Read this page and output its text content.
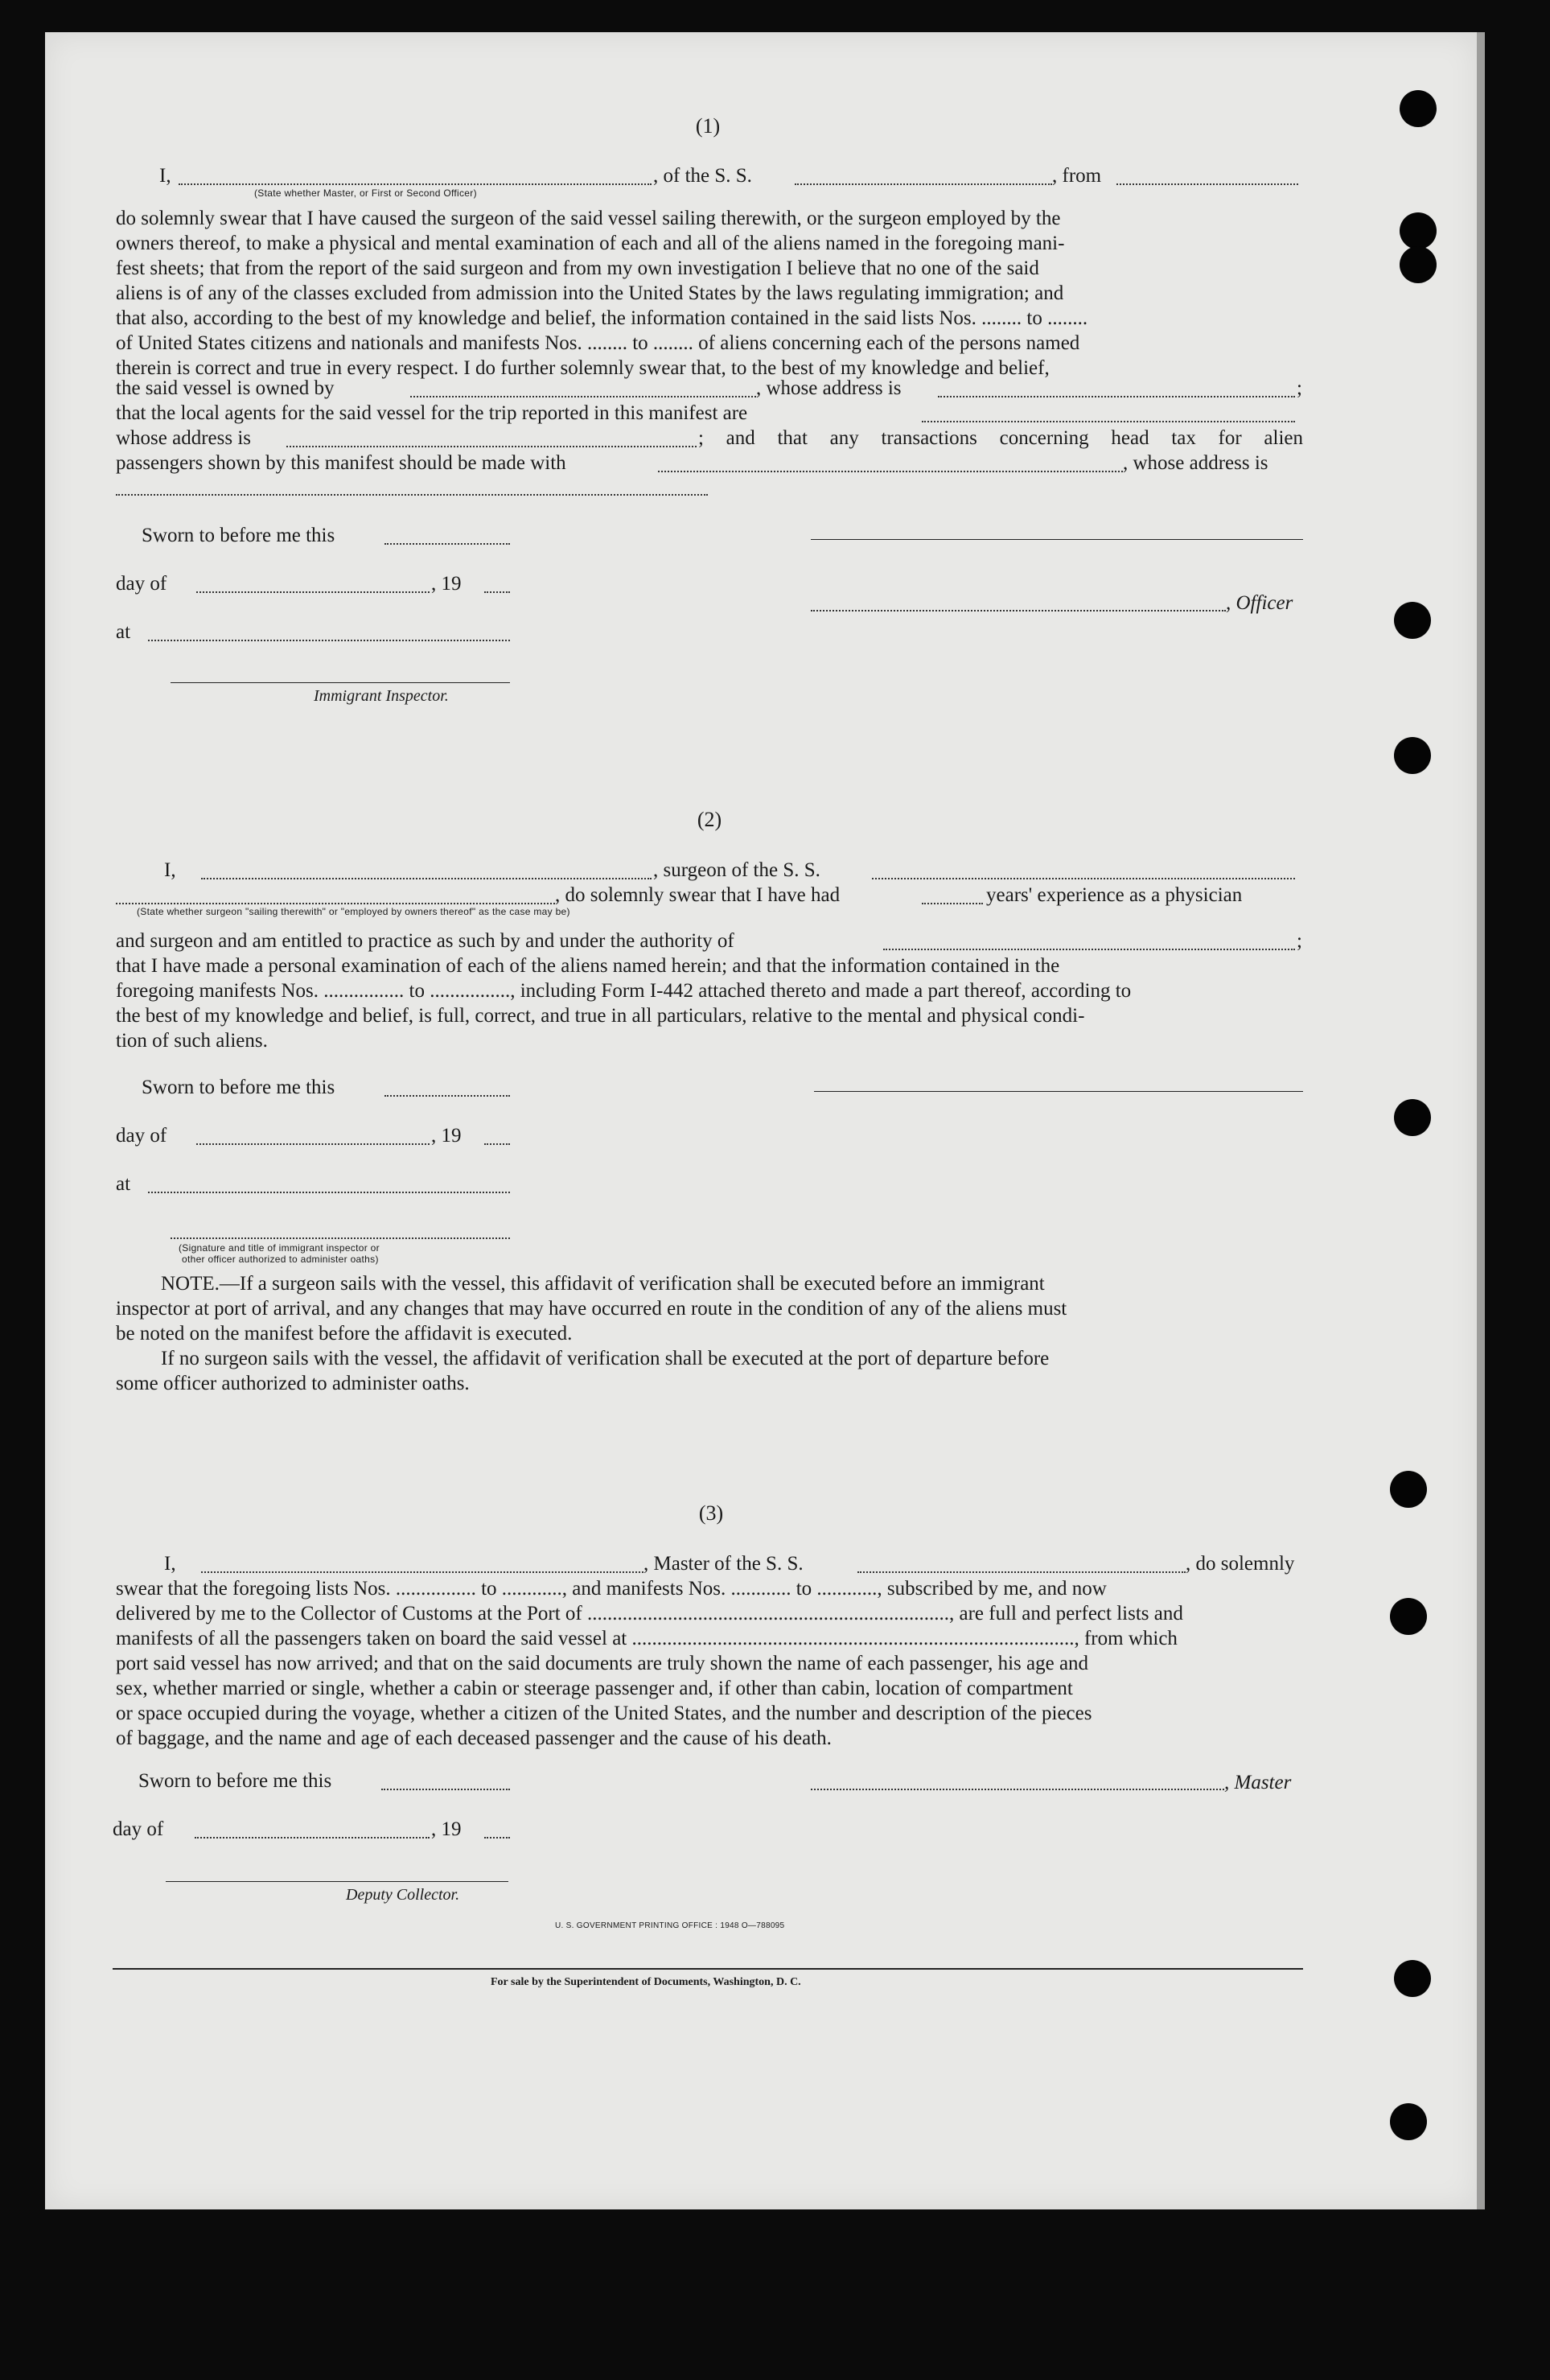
(1)
I,	, of the S. S.	, from
(State whether Master, or First or Second Officer)
do solemnly swear that I have caused the surgeon of the said vessel sailing therewith, or the surgeon employed by the
owners thereof, to make a physical and mental examination of each and all of the aliens named in the foregoing mani-
fest sheets; that from the report of the said surgeon and from my own investigation I believe that no one of the said
aliens is of any of the classes excluded from admission into the United States by the laws regulating immigration; and
that also, according to the best of my knowledge and belief, the information contained in the said lists Nos. ........ to ........
of United States citizens and nationals and manifests Nos. ........ to ........ of aliens concerning each of the persons named
therein is correct and true in every respect. I do further solemnly swear that, to the best of my knowledge and belief,
the said vessel is owned by	, whose address is	;
that the local agents for the said vessel for the trip reported in this manifest are
whose address is	; and that any transactions concerning head tax for alien
passengers shown by this manifest should be made with	, whose address is
Sworn to before me this
day of	, 19
, Officer
at
Immigrant Inspector.
(2)
I,	, surgeon of the S. S.
, do solemnly swear that I have had	years' experience as a physician
(State whether surgeon "sailing therewith" or "employed by owners thereof" as the case may be)
and surgeon and am entitled to practice as such by and under the authority of	;
that I have made a personal examination of each of the aliens named herein; and that the information contained in the
foregoing manifests Nos. ................ to ................, including Form I-442 attached thereto and made a part thereof, according to
the best of my knowledge and belief, is full, correct, and true in all particulars, relative to the mental and physical condi-
tion of such aliens.
Sworn to before me this
day of	, 19
at
(Signature and title of immigrant inspector or
other officer authorized to administer oaths)
NOTE.—If a surgeon sails with the vessel, this affidavit of verification shall be executed before an immigrant
inspector at port of arrival, and any changes that may have occurred en route in the condition of any of the aliens must
be noted on the manifest before the affidavit is executed.
If no surgeon sails with the vessel, the affidavit of verification shall be executed at the port of departure before
some officer authorized to administer oaths.
(3)
I,	, Master of the S. S.	, do solemnly
swear that the foregoing lists Nos. ................ to ............, and manifests Nos. ............ to ............, subscribed by me, and now
delivered by me to the Collector of Customs at the Port of ........................................................................, are full and perfect lists and
manifests of all the passengers taken on board the said vessel at ........................................................................................, from which
port said vessel has now arrived; and that on the said documents are truly shown the name of each passenger, his age and
sex, whether married or single, whether a cabin or steerage passenger and, if other than cabin, location of compartment
or space occupied during the voyage, whether a citizen of the United States, and the number and description of the pieces
of baggage, and the name and age of each deceased passenger and the cause of his death.
Sworn to before me this	, Master
day of	, 19
Deputy Collector.
U. S. GOVERNMENT PRINTING OFFICE : 1948 O—788095
For sale by the Superintendent of Documents, Washington, D. C.
